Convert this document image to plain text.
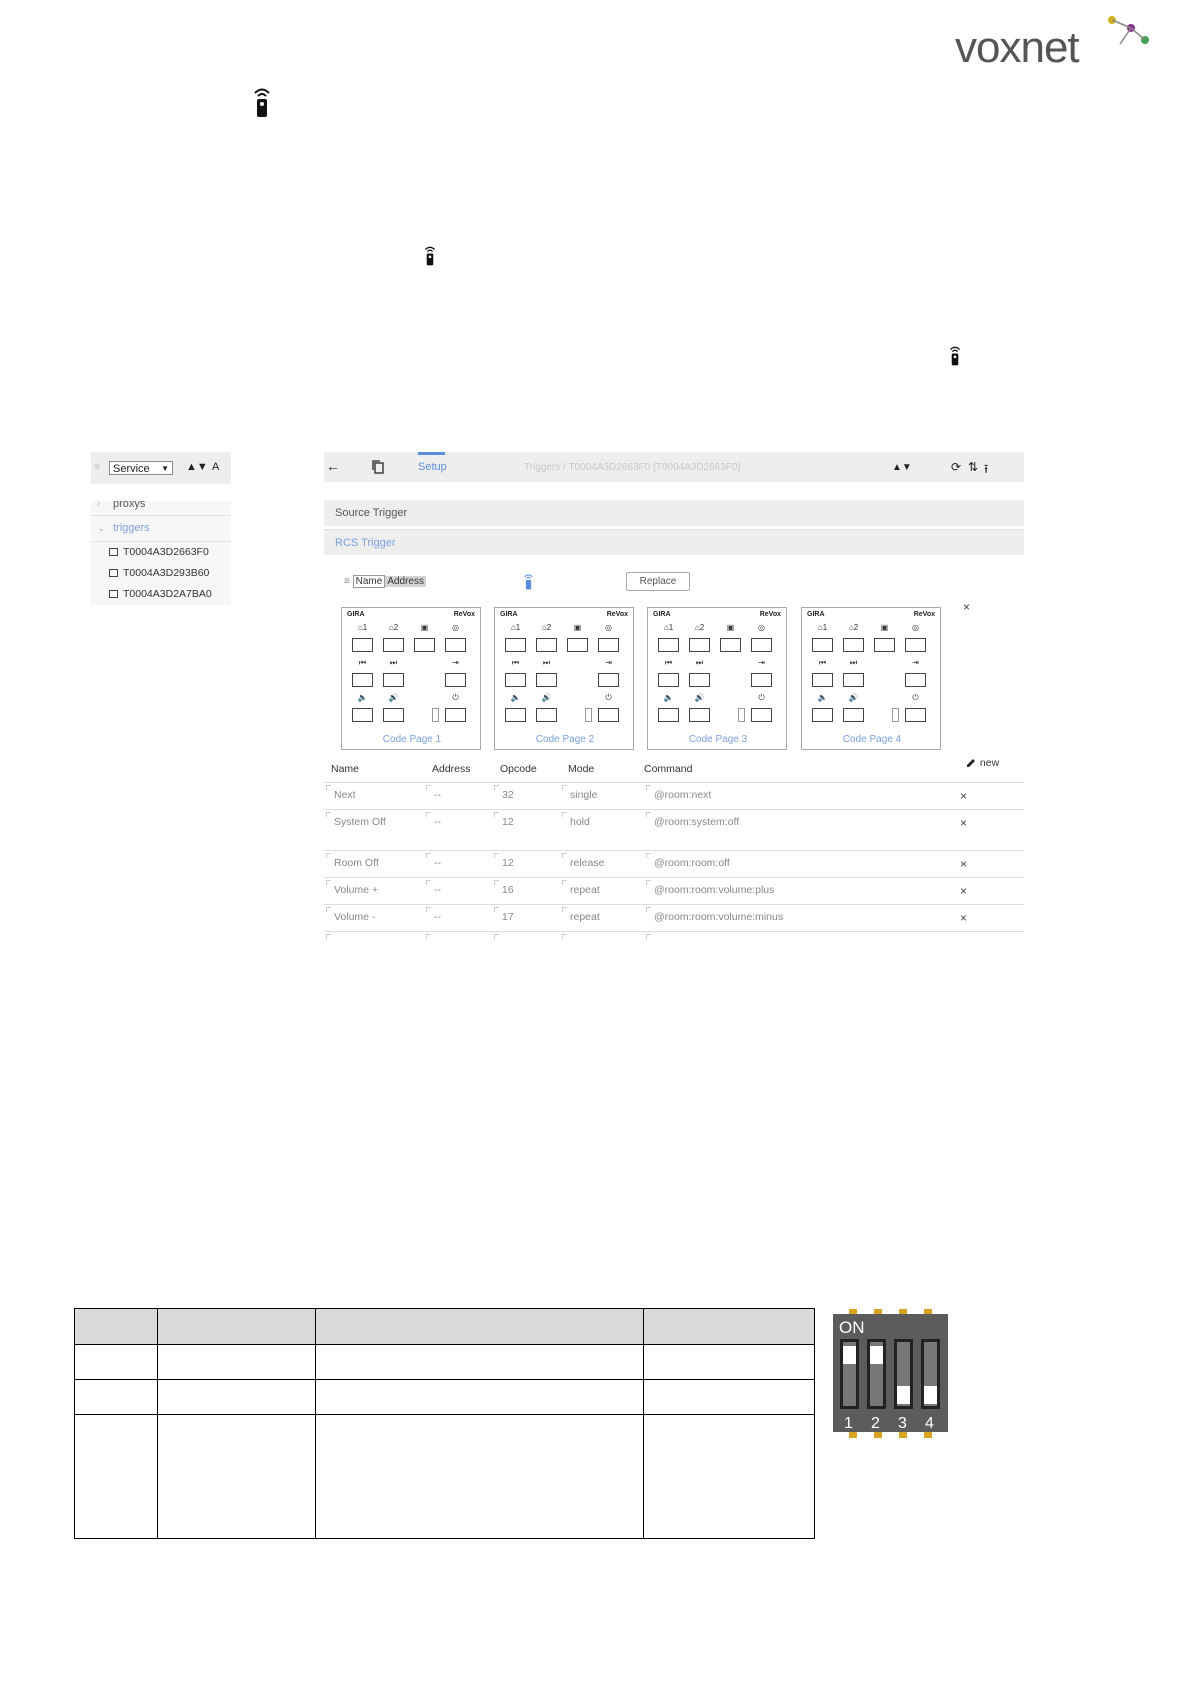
voxnet
≡	Service ▼ ▲▼ A
› proxys
⌄ triggers
T0004A3D2663F0
T0004A3D293B60
T0004A3D2A7BA0
←	Setup	Triggers / T0004A3D2663F0 [T0004A3D2663F0]	▲▼	⟳ ⇅ ⭱
Source Trigger
RCS Trigger
≡ Name Address	Replace
×
GIRA	ReVox
⌂1	⌂2	▣	◎
⏮	⏭	⇥
🔈	🔊	⏻
Code Page 1
GIRA	ReVox
⌂1	⌂2	▣	◎
⏮	⏭	⇥
🔈	🔊	⏻
Code Page 2
GIRA	ReVox
⌂1	⌂2	▣	◎
⏮	⏭	⇥
🔈	🔊	⏻
Code Page 3
GIRA	ReVox
⌂1	⌂2	▣	◎
⏮	⏭	⇥
🔈	🔊	⏻
Code Page 4
Name	Address	Opcode	Mode	Command	new
Next	--	32	single	@room:next	×
System Off	--	12	hold	@room:system:off	×
Room Off	--	12	release	@room:room:off	×
Volume +	--	16	repeat	@room:room:volume:plus	×
Volume -	--	17	repeat	@room:room:volume:minus	×

ON
1 2 3 4
